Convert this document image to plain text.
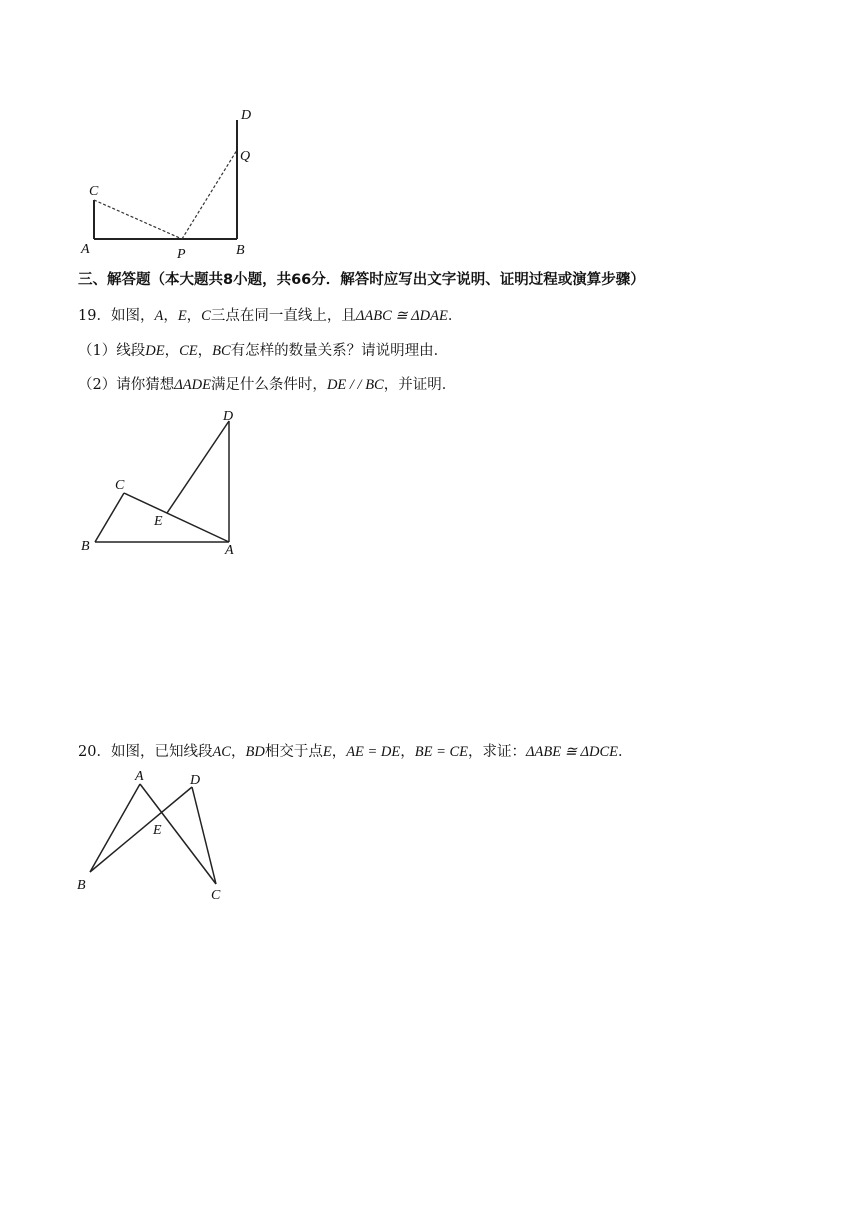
D
Q
C
A	P	B
三、解答题（本大题共8小题，共66分．解答时应写出文字说明、证明过程或演算步骤）
19．如图，A，E，C三点在同一直线上，且ΔABC ≅ ΔDAE．
（1）线段DE，CE，BC有怎样的数量关系？请说明理由．
（2）请你猜想ΔADE满足什么条件时，DE / / BC，并证明．
D
C
E
B	A
20．如图，已知线段AC，BD相交于点E，AE = DE，BE = CE，求证：ΔABE ≅ ΔDCE．
A	D
E
B
C
